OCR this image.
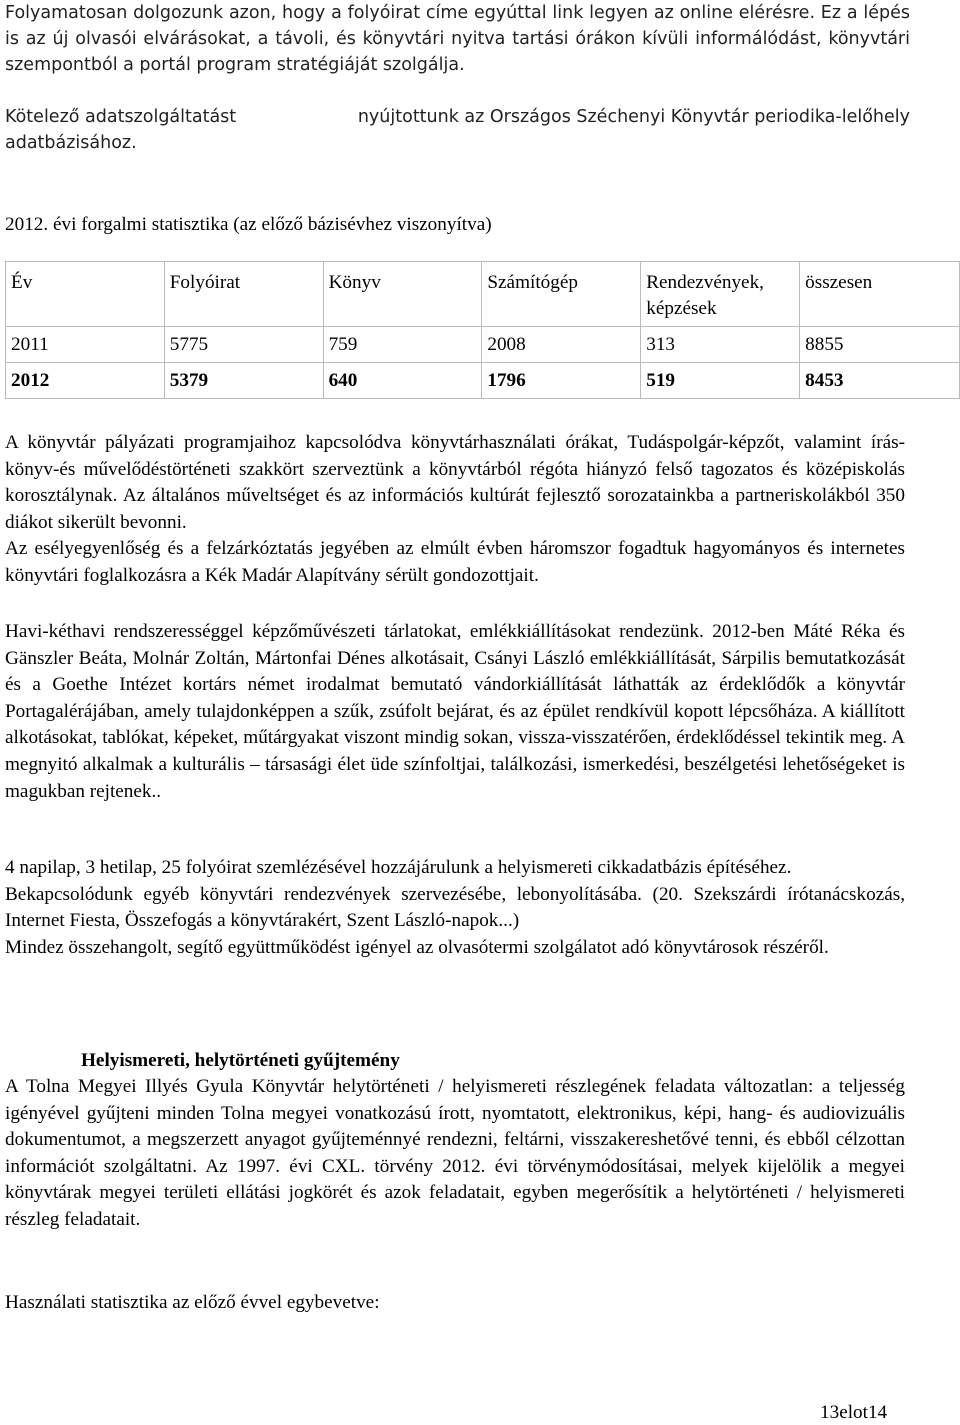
Folyamatosan dolgozunk azon, hogy a folyóirat címe egyúttal link legyen az online elérésre. Ez a lépés is az új olvasói elvárásokat, a távoli, és könyvtári nyitva tartási órákon kívüli informálódást, könyvtári szempontból a portál program stratégiáját szolgálja.

Kötelező adatszolgáltatást	nyújtottunk az Országos Széchenyi Könyvtár periodika-lelőhely
adatbázisához.

2012. évi forgalmi statisztika (az előző bázisévhez viszonyítva)

Év	Folyóirat	Könyv	Számítógép	Rendezvények, képzések	összesen
2011	5775	759	2008	313	8855
2012	5379	640	1796	519	8453

A könyvtár pályázati programjaihoz kapcsolódva könyvtárhasználati órákat, Tudáspolgár-képzőt, valamint írás-könyv-és művelődéstörténeti szakkört szerveztünk a könyvtárból régóta hiányzó felső tagozatos és középiskolás korosztálynak. Az általános műveltséget és az információs kultúrát fejlesztő sorozatainkba a partneriskolákból 350 diákot sikerült bevonni.

Az esélyegyenlőség és a felzárkóztatás jegyében az elmúlt évben háromszor fogadtuk hagyományos és internetes könyvtári foglalkozásra a Kék Madár Alapítvány sérült gondozottjait.

Havi-kéthavi rendszerességgel képzőművészeti tárlatokat, emlékkiállításokat rendezünk. 2012-ben Máté Réka és Gänszler Beáta, Molnár Zoltán, Mártonfai Dénes alkotásait, Csányi László emlékkiállítását, Sárpilis bemutatkozását és a Goethe Intézet kortárs német irodalmat bemutató vándorkiállítását láthatták az érdeklődők a könyvtár Portagalérájában, amely tulajdonképpen a szűk, zsúfolt bejárat, és az épület rendkívül kopott lépcsőháza. A kiállított alkotásokat, tablókat, képeket, műtárgyakat viszont mindig sokan, vissza-visszatérően, érdeklődéssel tekintik meg. A megnyitó alkalmak a kulturális – társasági élet üde színfoltjai, találkozási, ismerkedési, beszélgetési lehetőségeket is magukban rejtenek..

4 napilap, 3 hetilap, 25 folyóirat szemlézésével hozzájárulunk a helyismereti cikkadatbázis építéséhez.

Bekapcsolódunk egyéb könyvtári rendezvények szervezésébe, lebonyolításába. (20. Szekszárdi írótanácskozás, Internet Fiesta, Összefogás a könyvtárakért, Szent László-napok...)

Mindez összehangolt, segítő együttműködést igényel az olvasótermi szolgálatot adó könyvtárosok részéről.

Helyismereti, helytörténeti gyűjtemény

A Tolna Megyei Illyés Gyula Könyvtár helytörténeti / helyismereti részlegének feladata változatlan: a teljesség igényével gyűjteni minden Tolna megyei vonatkozású írott, nyomtatott, elektronikus, képi, hang- és audiovizuális dokumentumot, a megszerzett anyagot gyűjteménnyé rendezni, feltárni, visszakereshetővé tenni, és ebből célzottan információt szolgáltatni. Az 1997. évi CXL. törvény 2012. évi törvénymódosításai, melyek kijelölik a megyei könyvtárak megyei területi ellátási jogkörét és azok feladatait, egyben megerősítik a helytörténeti / helyismereti részleg feladatait.

Használati statisztika az előző évvel egybevetve:

13elot14
